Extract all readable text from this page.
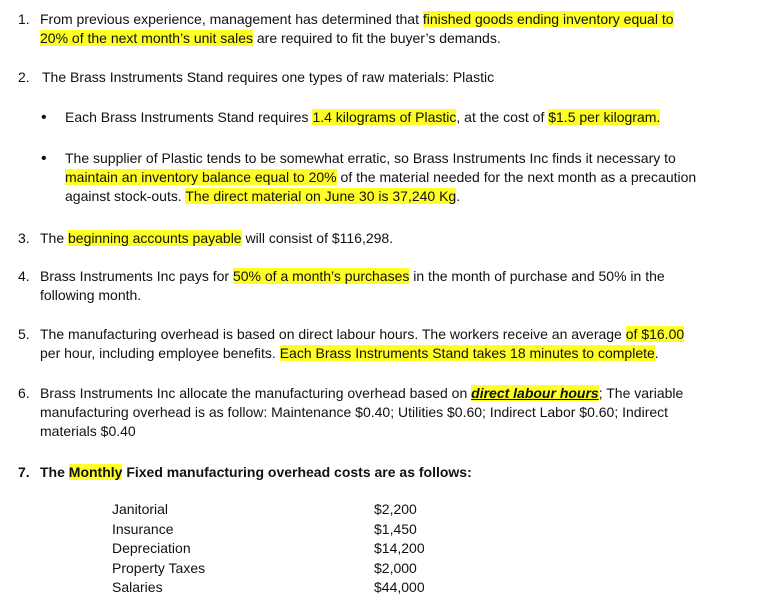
1. From previous experience, management has determined that finished goods ending inventory equal to
20% of the next month’s unit sales are required to fit the buyer’s demands.
2. The Brass Instruments Stand requires one types of raw materials: Plastic
•	Each Brass Instruments Stand requires 1.4 kilograms of Plastic, at the cost of $1.5 per kilogram.
•	The supplier of Plastic tends to be somewhat erratic, so Brass Instruments Inc finds it necessary to
maintain an inventory balance equal to 20% of the material needed for the next month as a precaution
against stock-outs. The direct material on June 30 is 37,240 Kg.
3. The beginning accounts payable will consist of $116,298.
4. Brass Instruments Inc pays for 50% of a month’s purchases in the month of purchase and 50% in the
following month.
5. The manufacturing overhead is based on direct labour hours. The workers receive an average of $16.00
per hour, including employee benefits. Each Brass Instruments Stand takes 18 minutes to complete.
6. Brass Instruments Inc allocate the manufacturing overhead based on direct labour hours; The variable
manufacturing overhead is as follow: Maintenance $0.40; Utilities $0.60; Indirect Labor $0.60; Indirect
materials $0.40
7. The Monthly Fixed manufacturing overhead costs are as follows:
Janitorial	$2,200
Insurance	$1,450
Depreciation	$14,200
Property Taxes	$2,000
Salaries	$44,000
